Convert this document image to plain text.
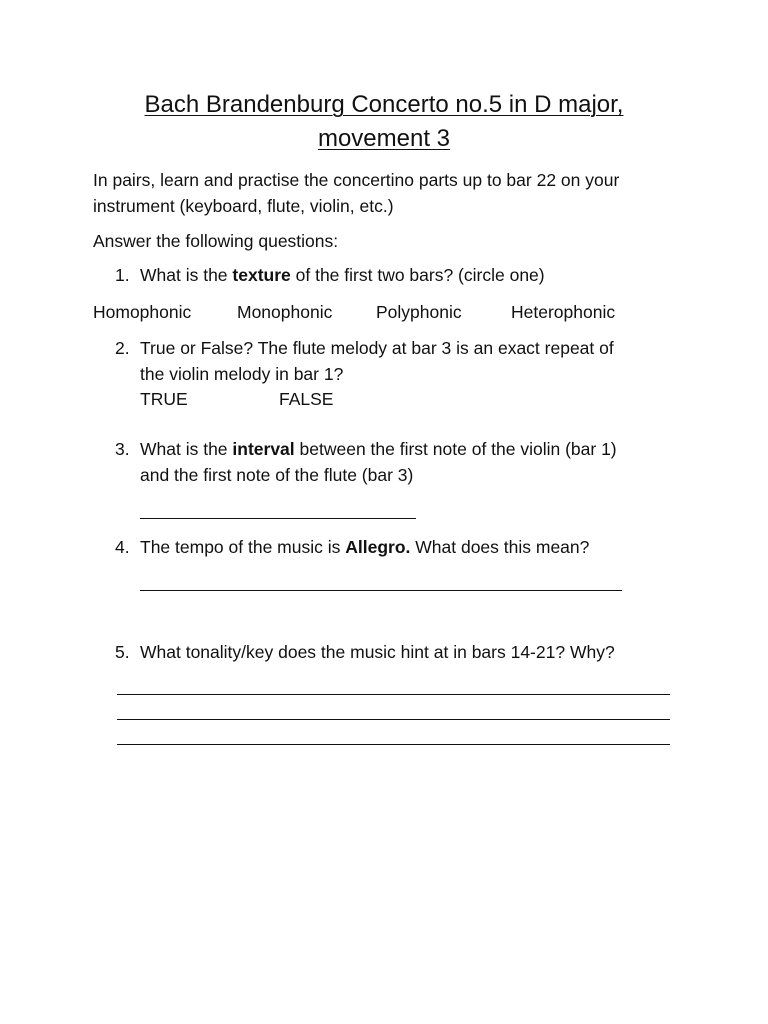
Bach Brandenburg Concerto no.5 in D major,
movement 3
In pairs, learn and practise the concertino parts up to bar 22 on your
instrument (keyboard, flute, violin, etc.)
Answer the following questions:
1. What is the texture of the first two bars? (circle one)
Homophonic	Monophonic Polyphonic	Heterophonic
2. True or False? The flute melody at bar 3 is an exact repeat of
the violin melody in bar 1?
TRUE	FALSE
3. What is the interval between the first note of the violin (bar 1)
and the first note of the flute (bar 3)
4. The tempo of the music is Allegro. What does this mean?
5. What tonality/key does the music hint at in bars 14-21? Why?
